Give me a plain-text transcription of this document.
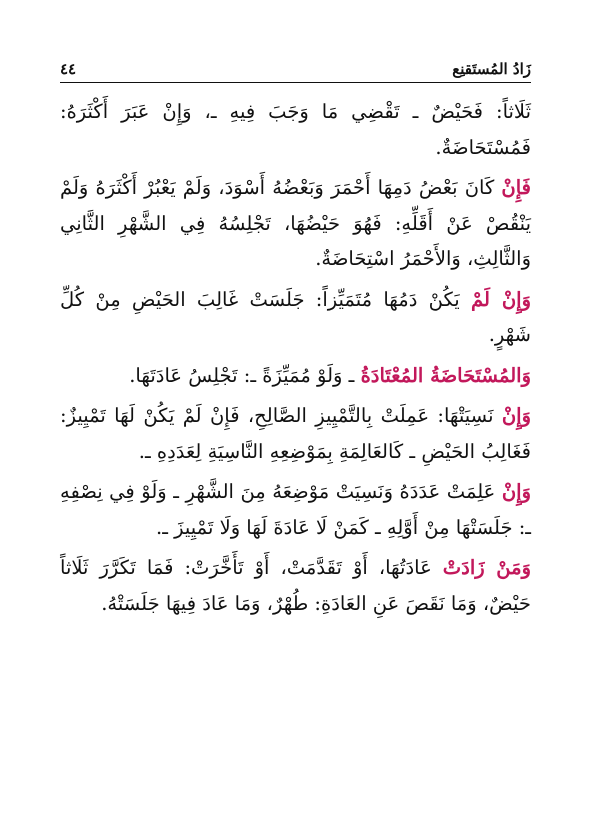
زَادُ المُستَقنِع
٤٤

ثَلَاثاً: فَحَيْضٌ ـ تَقْضِي مَا وَجَبَ فِيهِ ـ، وَإِنْ عَبَرَ أَكْثَرَهُ: فَمُسْتَحَاضَةٌ.

فَإِنْ كَانَ بَعْضُ دَمِهَا أَحْمَرَ وَبَعْضُهُ أَسْوَدَ، وَلَمْ يَعْبُرْ أَكْثَرَهُ وَلَمْ يَنْقُصْ عَنْ أَقَلِّهِ: فَهُوَ حَيْضُهَا، تَجْلِسُهُ فِي الشَّهْرِ الثَّانِي وَالثَّالِثِ، وَالأَحْمَرُ اسْتِحَاضَةٌ.

وَإِنْ لَمْ يَكُنْ دَمُهَا مُتَمَيِّزاً: جَلَسَتْ غَالِبَ الحَيْضِ مِنْ كُلِّ شَهْرٍ.

وَالمُسْتَحَاضَةُ المُعْتَادَةُ ـ وَلَوْ مُمَيِّزَةً ـ: تَجْلِسُ عَادَتَهَا.

وَإِنْ نَسِيَتْهَا: عَمِلَتْ بِالتَّمْيِيزِ الصَّالِحِ، فَإِنْ لَمْ يَكُنْ لَهَا تَمْيِيزٌ: فَغَالِبُ الحَيْضِ ـ كَالعَالِمَةِ بِمَوْضِعِهِ النَّاسِيَةِ لِعَدَدِهِ ـ.

وَإِنْ عَلِمَتْ عَدَدَهُ وَنَسِيَتْ مَوْضِعَهُ مِنَ الشَّهْرِ ـ وَلَوْ فِي نِصْفِهِ ـ: جَلَسَتْهَا مِنْ أَوَّلِهِ ـ كَمَنْ لَا عَادَةَ لَهَا وَلَا تَمْيِيزَ ـ.

وَمَنْ زَادَتْ عَادَتُهَا، أَوْ تَقَدَّمَتْ، أَوْ تَأَخَّرَتْ: فَمَا تَكَرَّرَ ثَلَاثاً حَيْضٌ، وَمَا نَقَصَ عَنِ العَادَةِ: طُهْرٌ، وَمَا عَادَ فِيهَا جَلَسَتْهُ.
